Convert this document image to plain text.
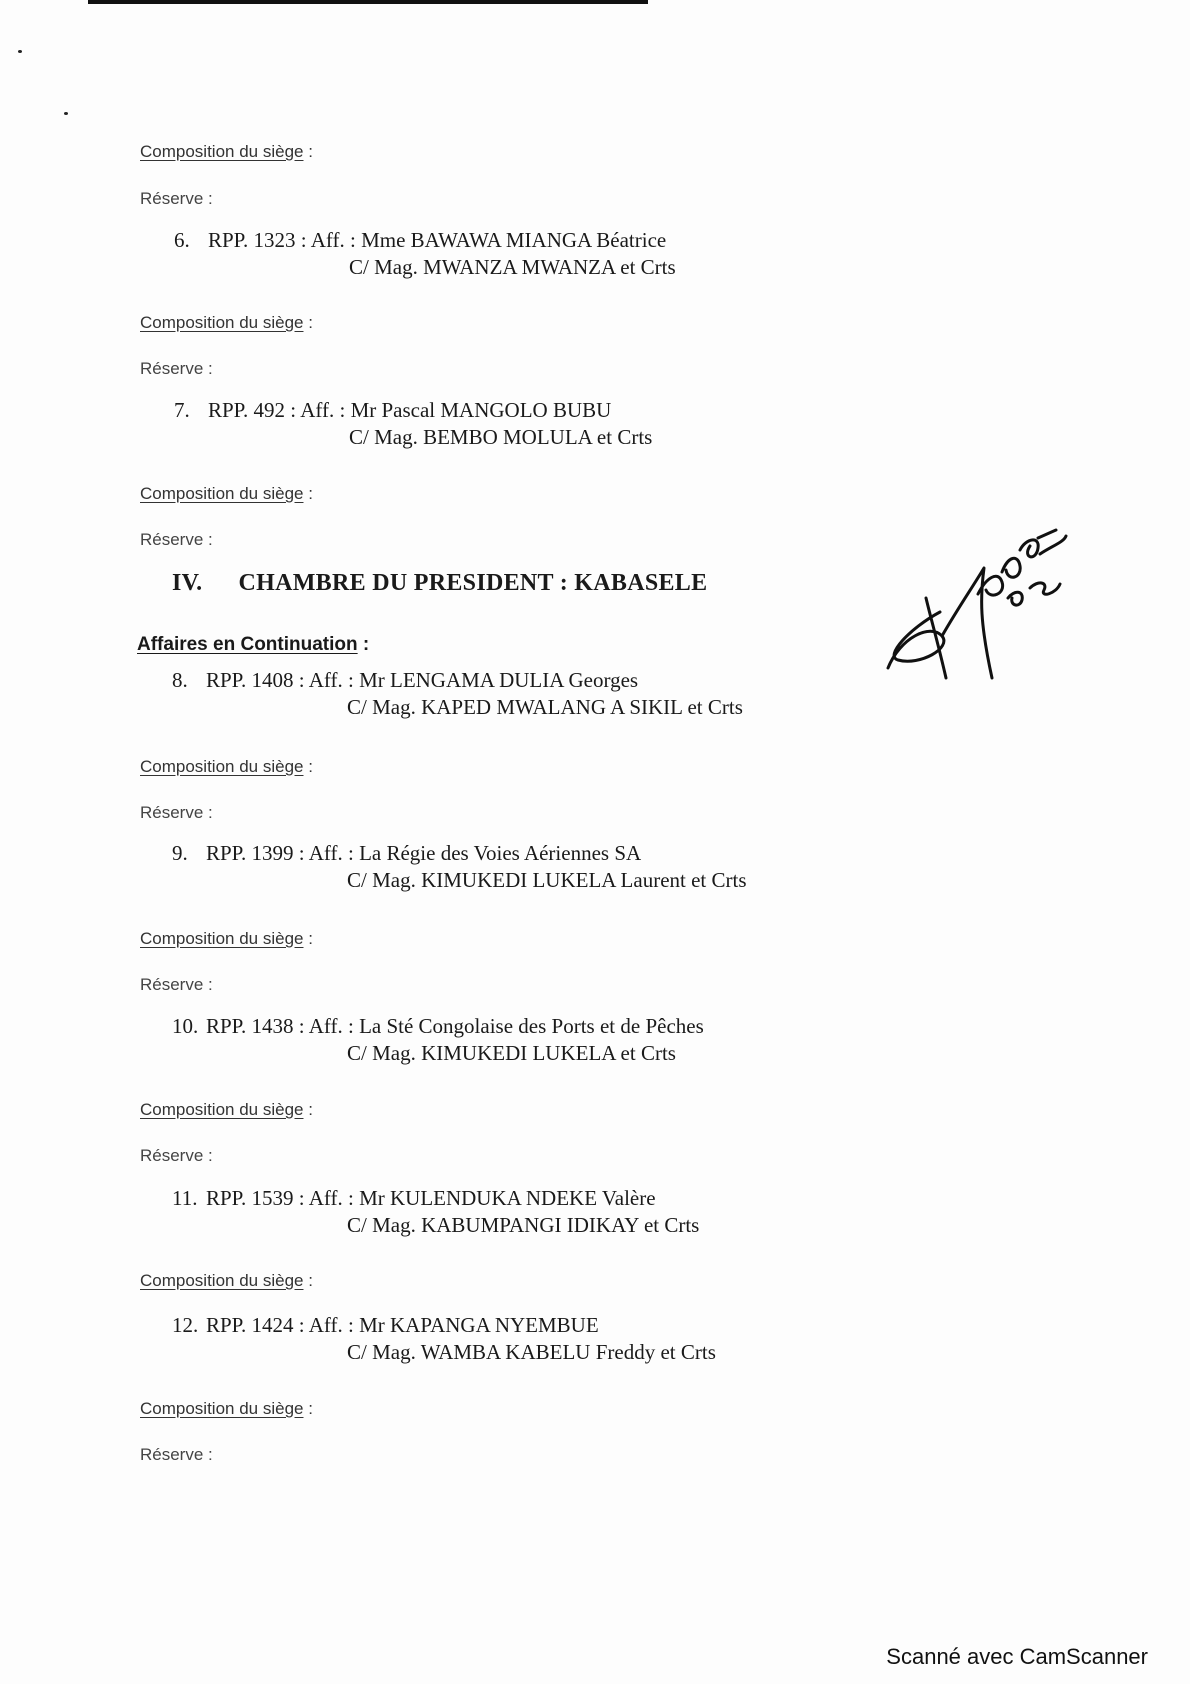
Composition du siège :
Réserve :
6. RPP. 1323 : Aff. : Mme BAWAWA MIANGA Béatrice
C/ Mag. MWANZA MWANZA et Crts
Composition du siège :
Réserve :
7. RPP. 492 : Aff. : Mr Pascal MANGOLO BUBU
C/ Mag. BEMBO MOLULA et Crts
Composition du siège :
Réserve :
IV. CHAMBRE DU PRESIDENT : KABASELE
Affaires en Continuation :
8. RPP. 1408 : Aff. : Mr LENGAMA DULIA Georges
C/ Mag. KAPED MWALANG A SIKIL et Crts
Composition du siège :
Réserve :
9. RPP. 1399 : Aff. : La Régie des Voies Aériennes SA
C/ Mag. KIMUKEDI LUKELA Laurent et Crts
Composition du siège :
Réserve :
10. RPP. 1438 : Aff. : La Sté Congolaise des Ports et de Pêches
C/ Mag. KIMUKEDI LUKELA et Crts
Composition du siège :
Réserve :
11. RPP. 1539 : Aff. : Mr KULENDUKA NDEKE Valère
C/ Mag. KABUMPANGI IDIKAY et Crts
Composition du siège :
12. RPP. 1424 : Aff. : Mr KAPANGA NYEMBUE
C/ Mag. WAMBA KABELU Freddy et Crts
Composition du siège :
Réserve :
Scanné avec CamScanner
